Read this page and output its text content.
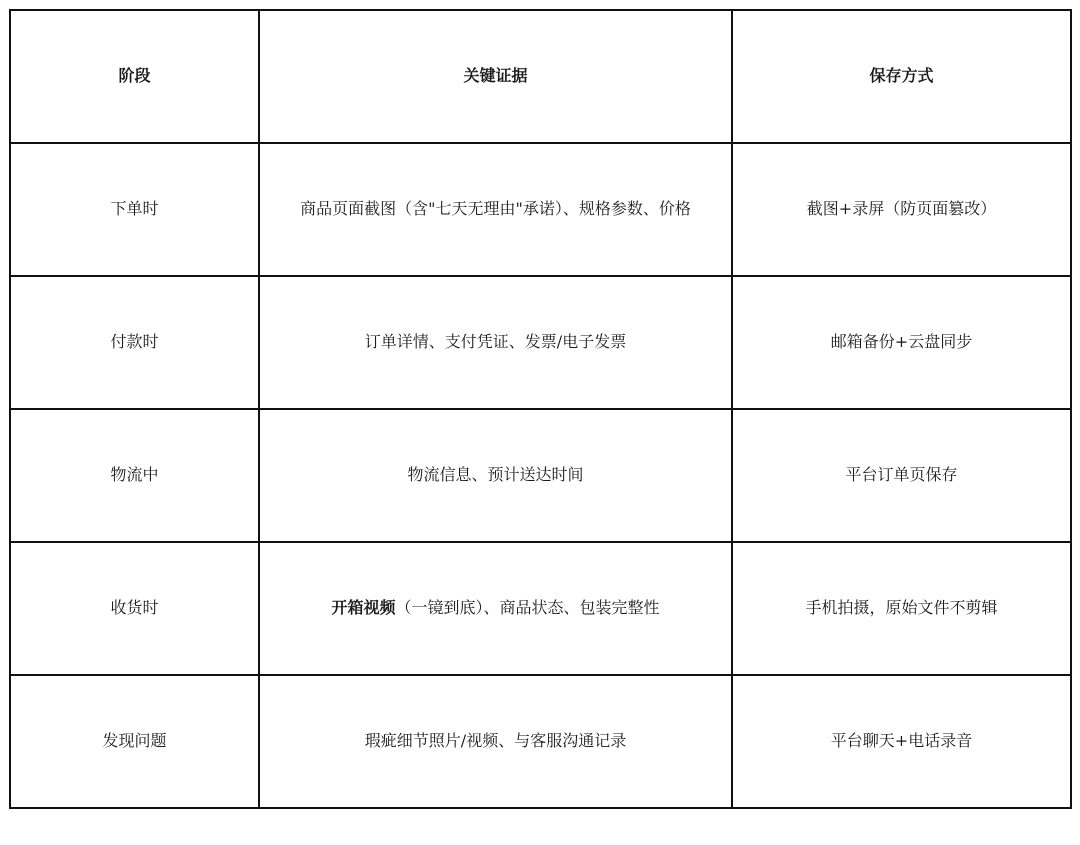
阶段	关键证据	保存方式
下单时	商品页面截图（含"七天无理由"承诺）、规格参数、价格	截图+录屏（防页面篡改）
付款时	订单详情、支付凭证、发票/电子发票	邮箱备份+云盘同步
物流中	物流信息、预计送达时间	平台订单页保存
收货时	开箱视频（一镜到底）、商品状态、包装完整性	手机拍摄，原始文件不剪辑
发现问题	瑕疵细节照片/视频、与客服沟通记录	平台聊天+电话录音
